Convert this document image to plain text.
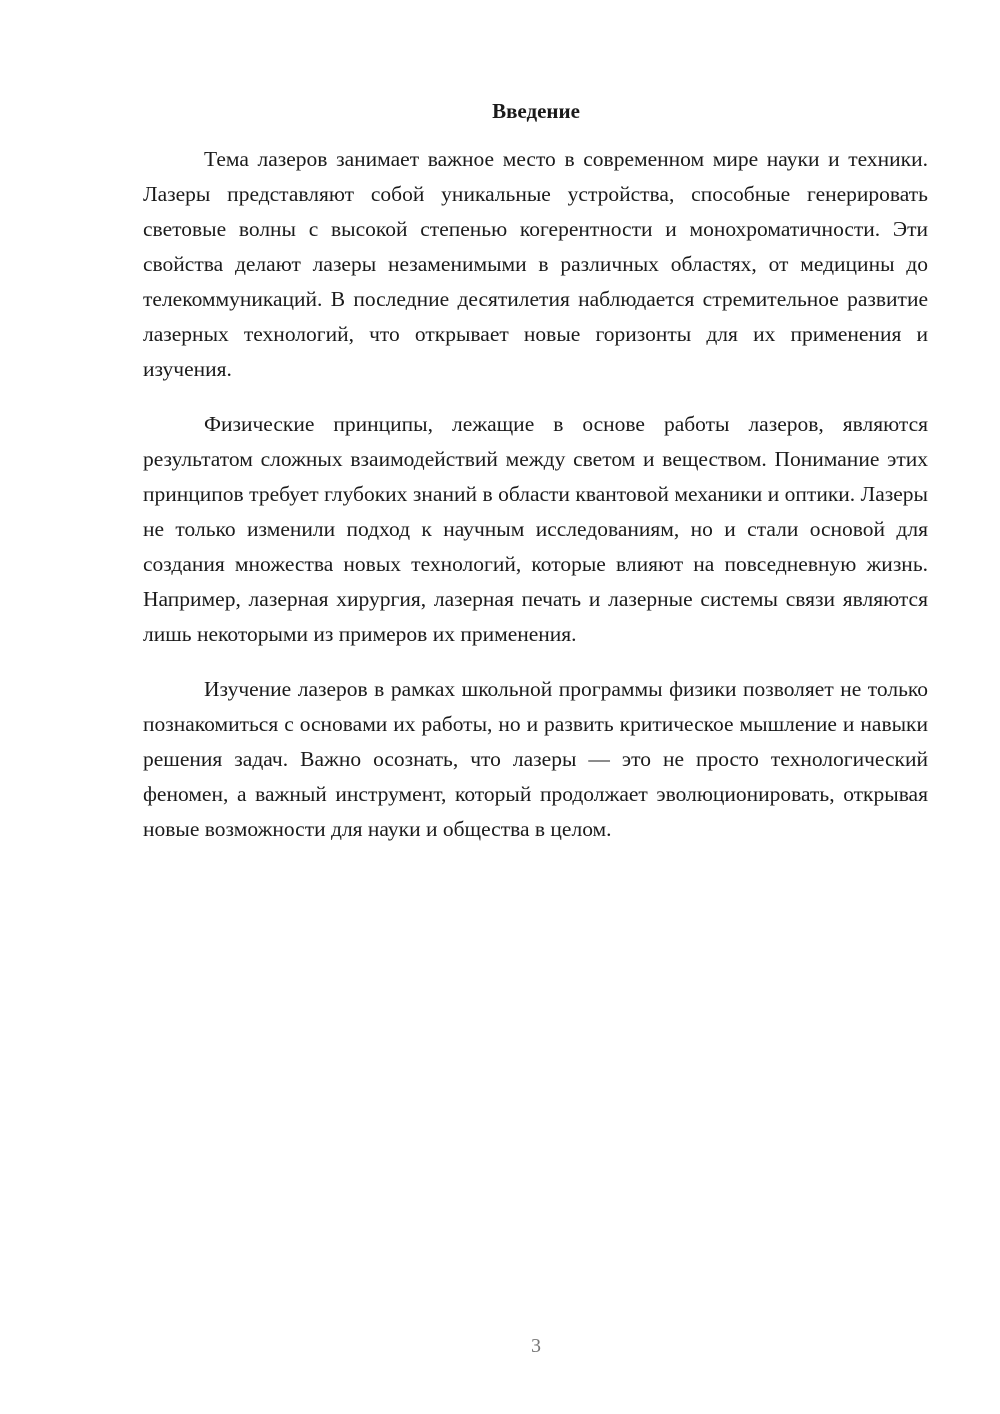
Введение

Тема лазеров занимает важное место в современном мире науки и техники. Лазеры представляют собой уникальные устройства, способные генерировать световые волны с высокой степенью когерентности и монохроматичности. Эти свойства делают лазеры незаменимыми в различных областях, от медицины до телекоммуникаций. В последние десятилетия наблюдается стремительное развитие лазерных технологий, что открывает новые горизонты для их применения и изучения.

Физические принципы, лежащие в основе работы лазеров, являются результатом сложных взаимодействий между светом и веществом. Понимание этих принципов требует глубоких знаний в области квантовой механики и оптики. Лазеры не только изменили подход к научным исследованиям, но и стали основой для создания множества новых технологий, которые влияют на повседневную жизнь. Например, лазерная хирургия, лазерная печать и лазерные системы связи являются лишь некоторыми из примеров их применения.

Изучение лазеров в рамках школьной программы физики позволяет не только познакомиться с основами их работы, но и развить критическое мышление и навыки решения задач. Важно осознать, что лазеры — это не просто технологический феномен, а важный инструмент, который продолжает эволюционировать, открывая новые возможности для науки и общества в целом.

3
